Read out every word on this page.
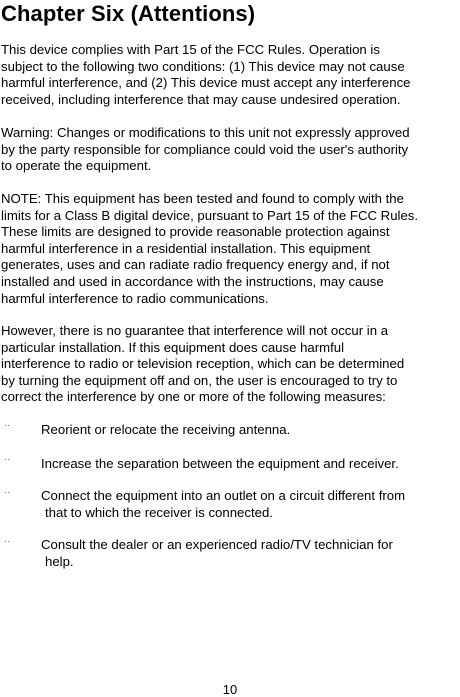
Chapter Six (Attentions)

This device complies with Part 15 of the FCC Rules. Operation is
subject to the following two conditions: (1) This device may not cause
harmful interference, and (2) This device must accept any interference
received, including interference that may cause undesired operation.

Warning: Changes or modifications to this unit not expressly approved
by the party responsible for compliance could void the user's authority
to operate the equipment.

NOTE: This equipment has been tested and found to comply with the
limits for a Class B digital device, pursuant to Part 15 of the FCC Rules.
These limits are designed to provide reasonable protection against
harmful interference in a residential installation. This equipment
generates, uses and can radiate radio frequency energy and, if not
installed and used in accordance with the instructions, may cause
harmful interference to radio communications.

However, there is no guarantee that interference will not occur in a
particular installation. If this equipment does cause harmful
interference to radio or television reception, which can be determined
by turning the equipment off and on, the user is encouraged to try to
correct the interference by one or more of the following measures:

.. Reorient or relocate the receiving antenna.
.. Increase the separation between the equipment and receiver.
.. Connect the equipment into an outlet on a circuit different from
that to which the receiver is connected.
.. Consult the dealer or an experienced radio/TV technician for
help.
10
